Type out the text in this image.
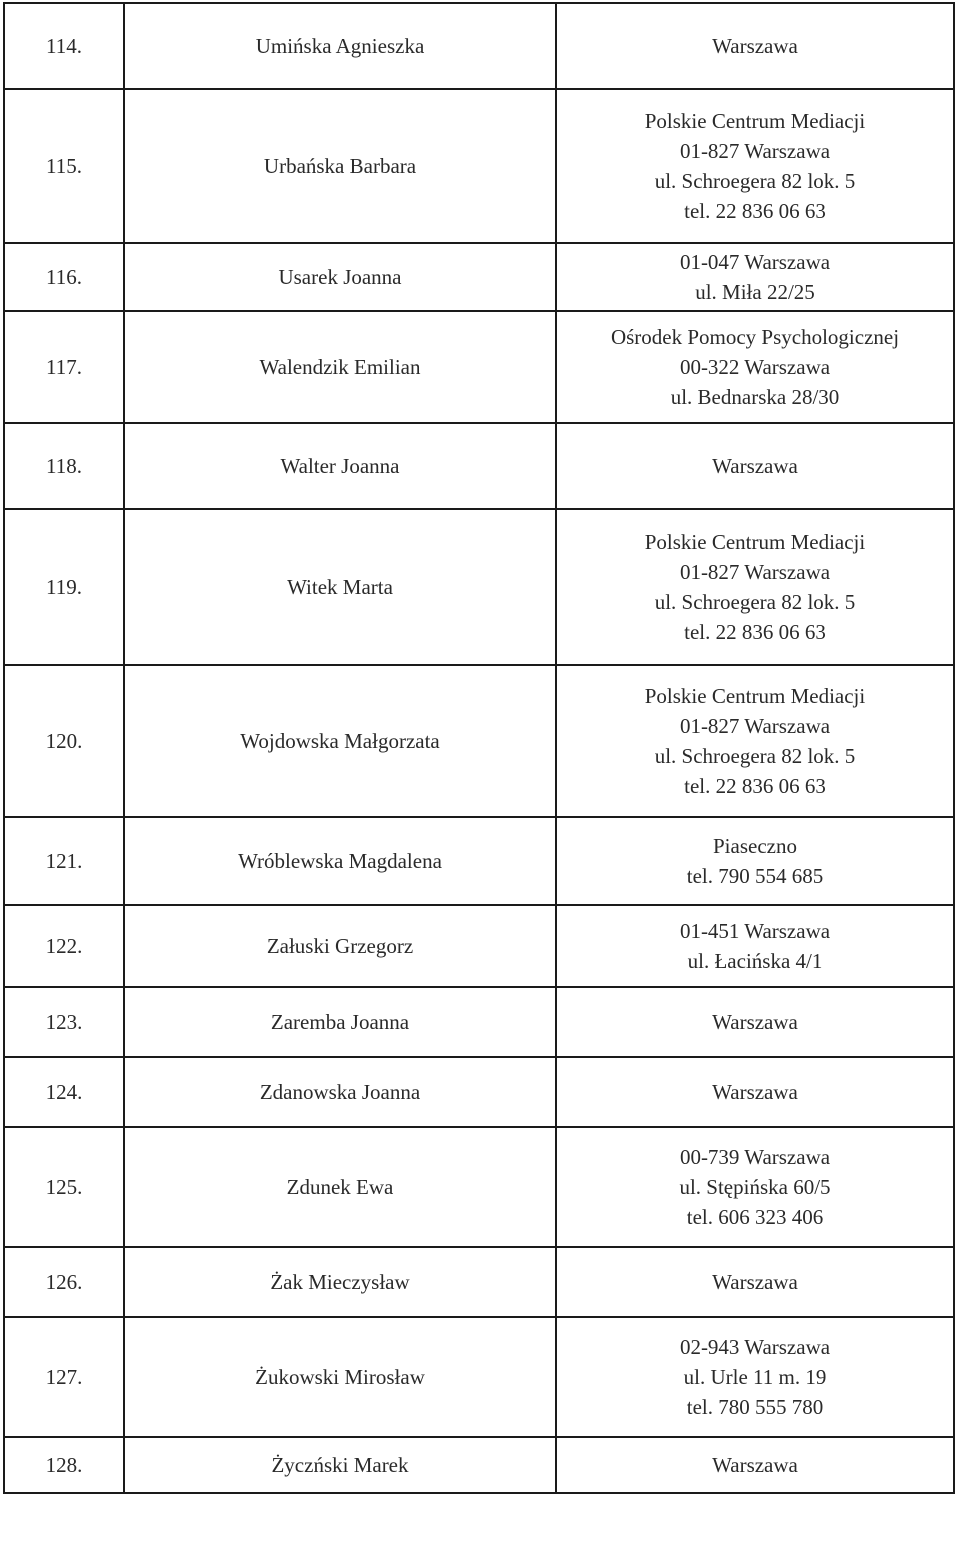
114.	Umińska Agnieszka	Warszawa

115.	Urbańska Barbara	Polskie Centrum Mediacji
01-827 Warszawa
ul. Schroegera 82 lok. 5
tel. 22 836 06 63

116.	Usarek Joanna	01-047 Warszawa
ul. Miła 22/25

117.	Walendzik Emilian	Ośrodek Pomocy Psychologicznej
00-322 Warszawa
ul. Bednarska 28/30

118.	Walter Joanna	Warszawa

119.	Witek Marta	Polskie Centrum Mediacji
01-827 Warszawa
ul. Schroegera 82 lok. 5
tel. 22 836 06 63

120.	Wojdowska Małgorzata	Polskie Centrum Mediacji
01-827 Warszawa
ul. Schroegera 82 lok. 5
tel. 22 836 06 63

121.	Wróblewska Magdalena	Piaseczno
tel. 790 554 685

122.	Załuski Grzegorz	01-451 Warszawa
ul. Łacińska 4/1

123.	Zaremba Joanna	Warszawa

124.	Zdanowska Joanna	Warszawa

125.	Zdunek Ewa	00-739 Warszawa
ul. Stępińska 60/5
tel. 606 323 406

126.	Żak Mieczysław	Warszawa

127.	Żukowski Mirosław	02-943 Warszawa
ul. Urle 11 m. 19
tel. 780 555 780

128.	Życzński Marek	Warszawa
